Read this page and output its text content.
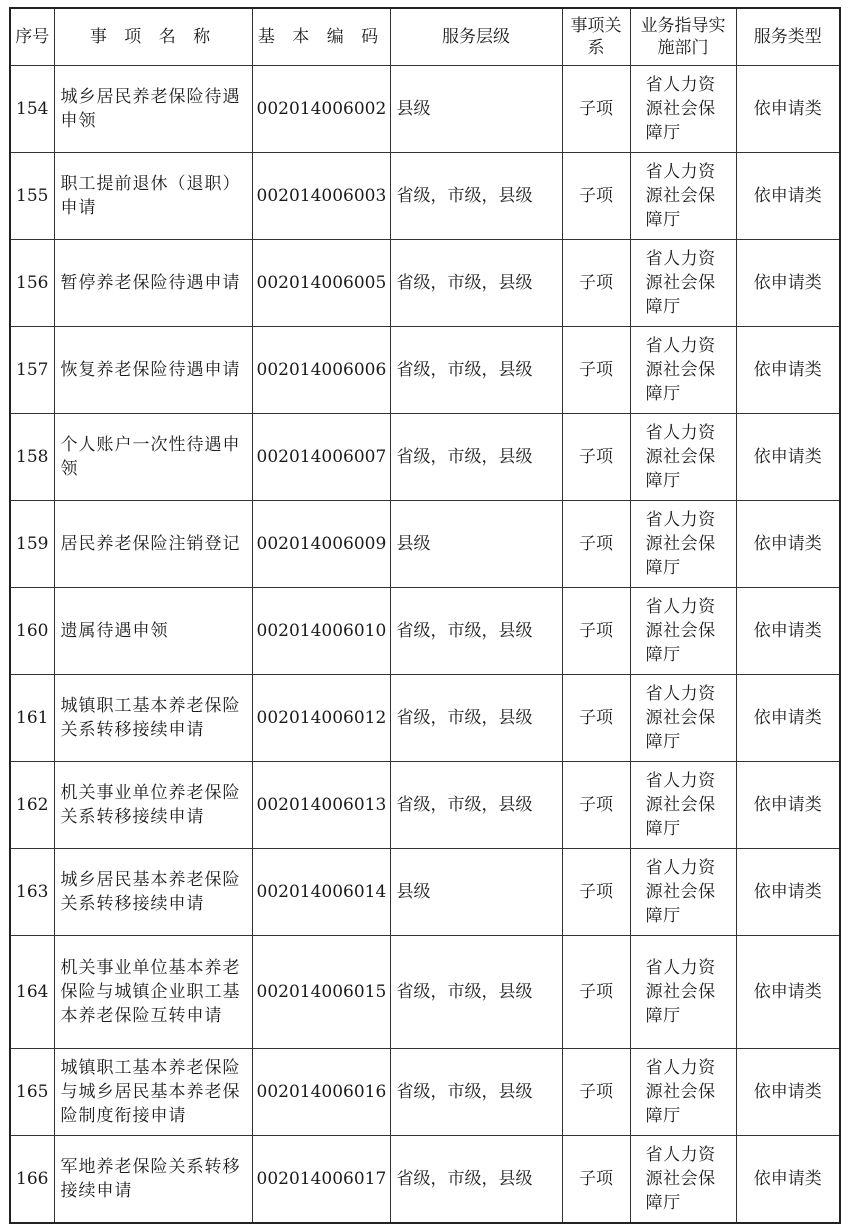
序号	事 项 名 称	基 本 编 码	服务层级	事项关系	业务指导实施部门	服务类型
154	城乡居民养老保险待遇申领	002014006002	县级	子项	省人力资源社会保障厅	依申请类
155	职工提前退休（退职）申请	002014006003	省级，市级，县级	子项	省人力资源社会保障厅	依申请类
156	暂停养老保险待遇申请	002014006005	省级，市级，县级	子项	省人力资源社会保障厅	依申请类
157	恢复养老保险待遇申请	002014006006	省级，市级，县级	子项	省人力资源社会保障厅	依申请类
158	个人账户一次性待遇申领	002014006007	省级，市级，县级	子项	省人力资源社会保障厅	依申请类
159	居民养老保险注销登记	002014006009	县级	子项	省人力资源社会保障厅	依申请类
160	遗属待遇申领	002014006010	省级，市级，县级	子项	省人力资源社会保障厅	依申请类
161	城镇职工基本养老保险关系转移接续申请	002014006012	省级，市级，县级	子项	省人力资源社会保障厅	依申请类
162	机关事业单位养老保险关系转移接续申请	002014006013	省级，市级，县级	子项	省人力资源社会保障厅	依申请类
163	城乡居民基本养老保险关系转移接续申请	002014006014	县级	子项	省人力资源社会保障厅	依申请类
164	机关事业单位基本养老保险与城镇企业职工基本养老保险互转申请	002014006015	省级，市级，县级	子项	省人力资源社会保障厅	依申请类
165	城镇职工基本养老保险与城乡居民基本养老保险制度衔接申请	002014006016	省级，市级，县级	子项	省人力资源社会保障厅	依申请类
166	军地养老保险关系转移接续申请	002014006017	省级，市级，县级	子项	省人力资源社会保障厅	依申请类
